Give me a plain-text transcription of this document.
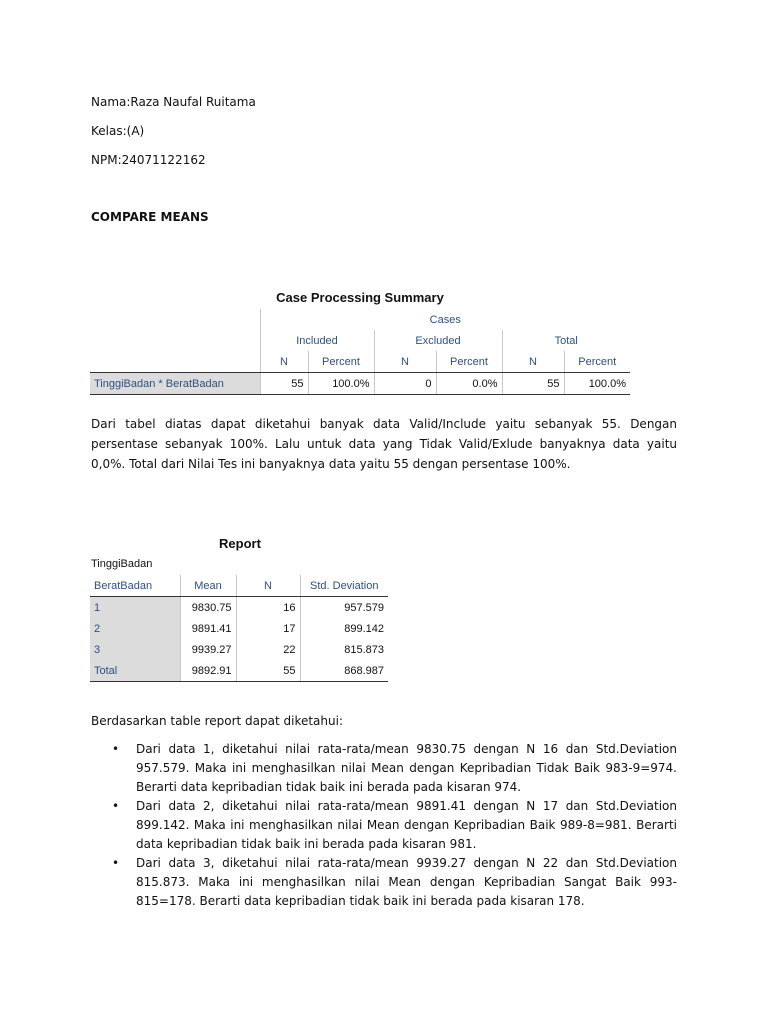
Nama:Raza Naufal Ruitama
Kelas:(A)
NPM:24071122162
COMPARE MEANS
Case Processing Summary
	Cases					
	Included		Excluded		Total	
	N	Percent	N	Percent	N	Percent
TinggiBadan * BeratBadan	55	100.0%	0	0.0%	55	100.0%
Dari tabel diatas dapat diketahui banyak data Valid/Include yaitu sebanyak 55. Dengan persentase sebanyak 100%. Lalu untuk data yang Tidak Valid/Exlude banyaknya data yaitu 0,0%. Total dari Nilai Tes ini banyaknya data yaitu 55 dengan persentase 100%.
Report
TinggiBadan
BeratBadan	Mean	N	Std. Deviation
1	9830.75	16	957.579
2	9891.41	17	899.142
3	9939.27	22	815.873
Total	9892.91	55	868.987
Berdasarkan table report dapat diketahui:
• Dari data 1, diketahui nilai rata-rata/mean 9830.75 dengan N 16 dan Std.Deviation 957.579. Maka ini menghasilkan nilai Mean dengan Kepribadian Tidak Baik 983-9=974. Berarti data kepribadian tidak baik ini berada pada kisaran 974.
• Dari data 2, diketahui nilai rata-rata/mean 9891.41 dengan N 17 dan Std.Deviation 899.142. Maka ini menghasilkan nilai Mean dengan Kepribadian Baik 989-8=981. Berarti data kepribadian tidak baik ini berada pada kisaran 981.
• Dari data 3, diketahui nilai rata-rata/mean 9939.27 dengan N 22 dan Std.Deviation 815.873. Maka ini menghasilkan nilai Mean dengan Kepribadian Sangat Baik 993-815=178. Berarti data kepribadian tidak baik ini berada pada kisaran 178.
